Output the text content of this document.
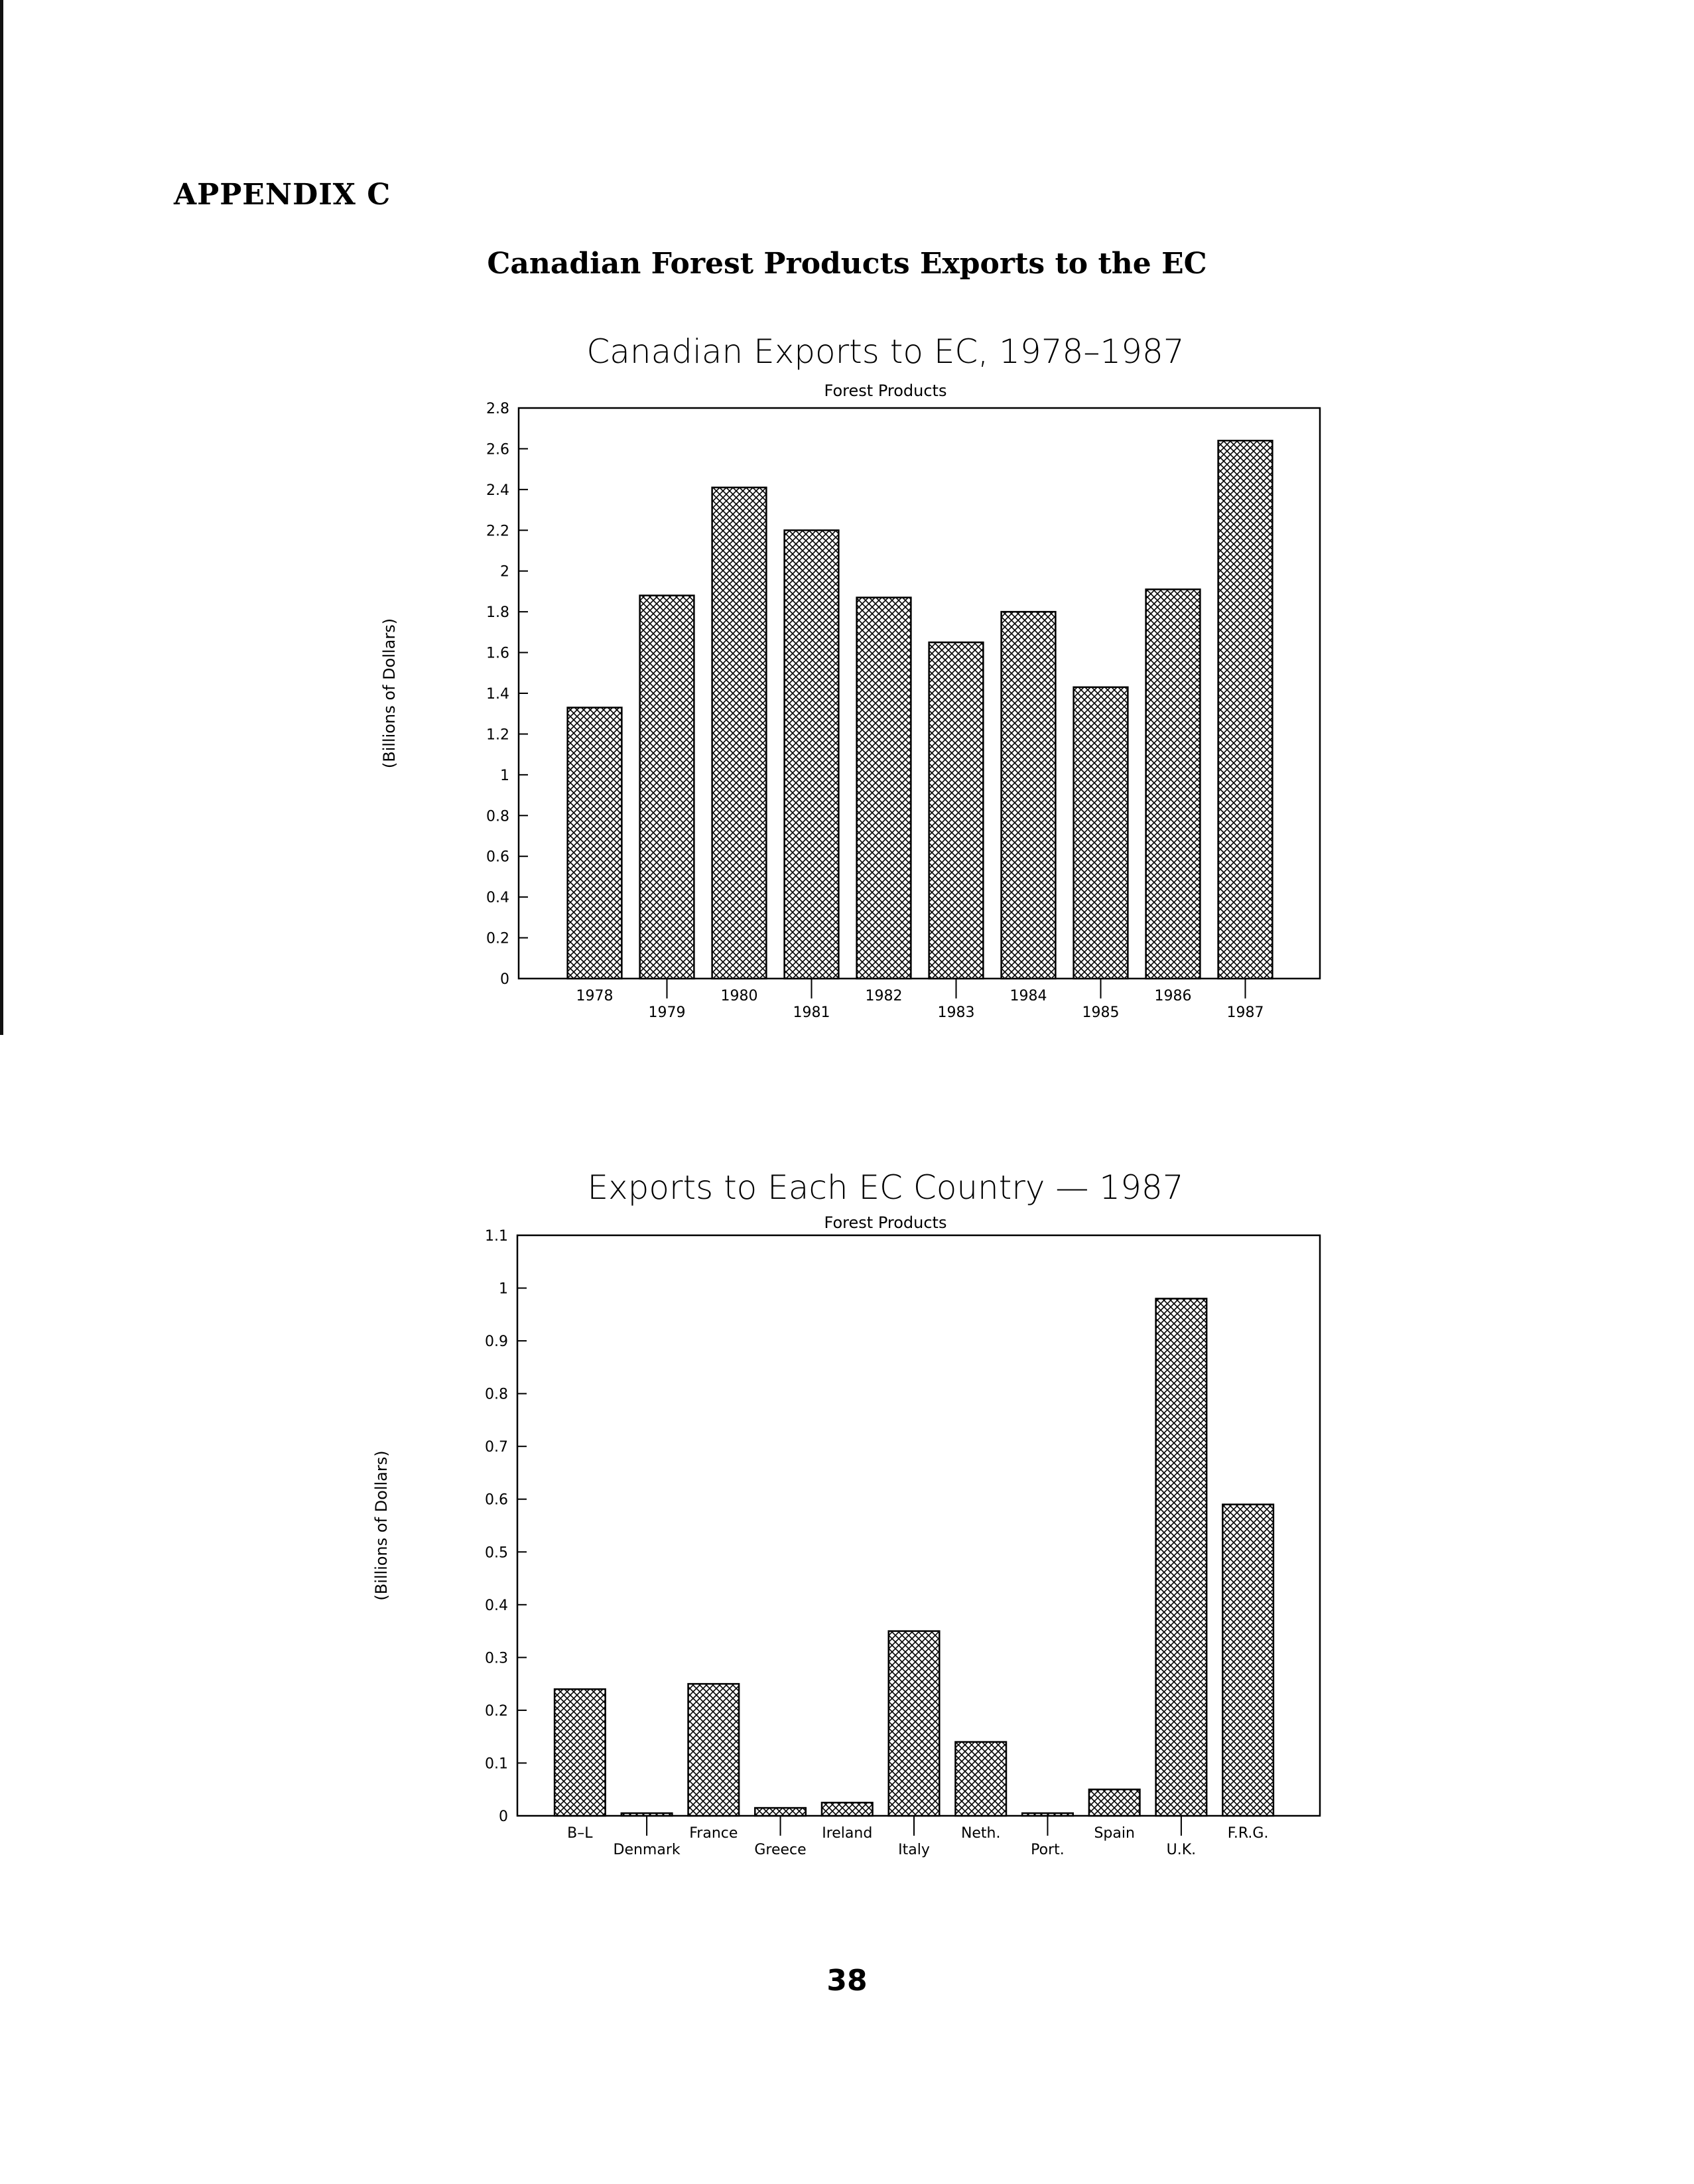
APPENDIX C
Canadian Forest Products Exports to the EC
Canadian Exports to EC, 1978–1987
Forest Products
(Billions of Dollars)
0
0.2
0.4
0.6
0.8
1
1.2
1.4
1.6
1.8
2
2.2
2.4
2.6
2.8
1978
1979
1980
1981
1982
1983
1984
1985
1986
1987
Exports to Each EC Country — 1987
Forest Products
(Billions of Dollars)
0
0.1
0.2
0.3
0.4
0.5
0.6
0.7
0.8
0.9
1
1.1
B–L
Denmark
France
Greece
Ireland
Italy
Neth.
Port.
Spain
U.K.
F.R.G.
38
